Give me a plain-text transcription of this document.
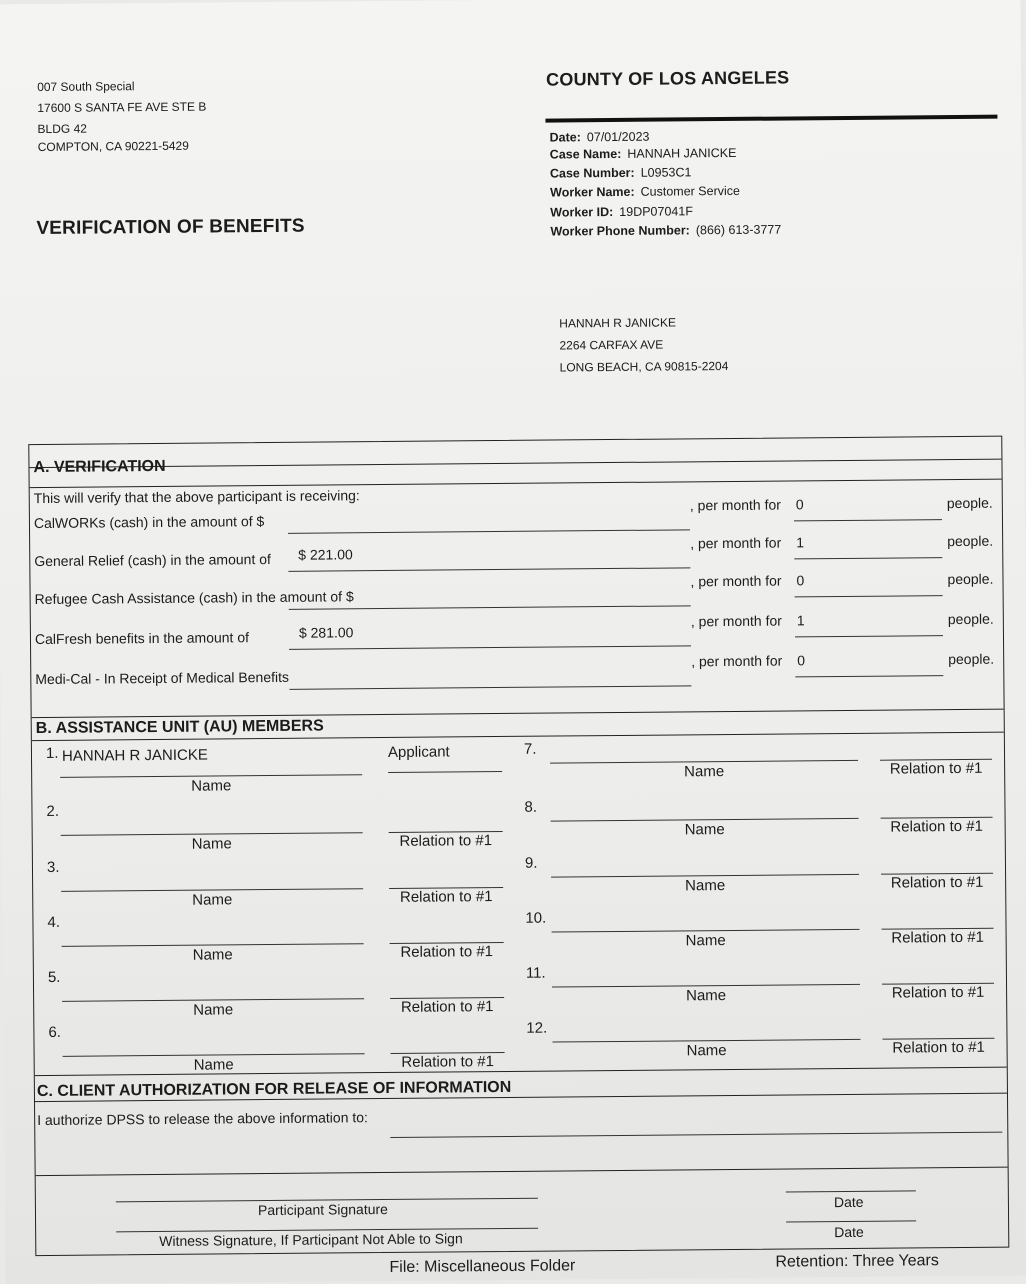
007 South Special
17600 S SANTA FE AVE STE B
BLDG 42
COMPTON, CA 90221-5429
COUNTY OF LOS ANGELES
VERIFICATION OF BENEFITS
Date: 07/01/2023
Case Name: HANNAH JANICKE
Case Number: L0953C1
Worker Name: Customer Service
Worker ID: 19DP07041F
Worker Phone Number: (866) 613-3777
HANNAH R JANICKE
2264 CARFAX AVE
LONG BEACH, CA 90815-2204
A. VERIFICATION
This will verify that the above participant is receiving:
CalWORKs (cash) in the amount of $
, per month for 0	people.
General Relief (cash) in the amount of $ 221.00
, per month for 1	people.
Refugee Cash Assistance (cash) in the amount of $
, per month for 0	people.
CalFresh benefits in the amount of	$ 281.00
, per month for 1	people.
Medi-Cal - In Receipt of Medical Benefits
, per month for 0	people.
B. ASSISTANCE UNIT (AU) MEMBERS
1. HANNAH R JANICKE
Name
Applicant
2.
Name	Relation to #1
3.
Name	Relation to #1
4.
Name	Relation to #1
5.
Name	Relation to #1
6.
Name	Relation to #1
7.
Name	Relation to #1
8.
Name	Relation to #1
9.
Name	Relation to #1
10.
Name	Relation to #1
11.
Name	Relation to #1
12.
Name	Relation to #1
C. CLIENT AUTHORIZATION FOR RELEASE OF INFORMATION
I authorize DPSS to release the above information to:
Participant Signature
Witness Signature, If Participant Not Able to Sign
Date
Date
File: Miscellaneous Folder	Retention: Three Years
